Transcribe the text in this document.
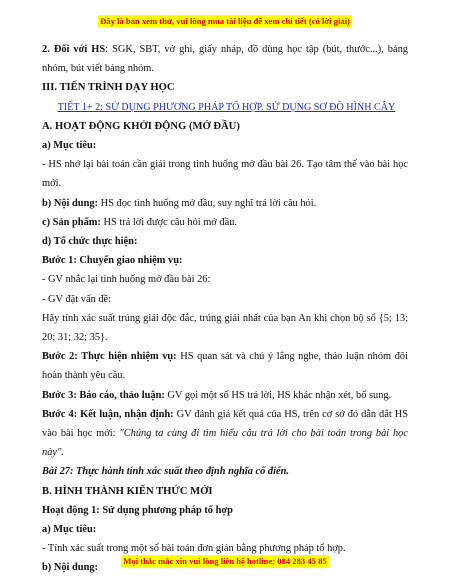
Đây là bản xem thử, vui lòng mua tài liệu để xem chi tiết (có lời giải)

2. Đối với HS: SGK, SBT, vở ghi, giấy nháp, đồ dùng học tập (bút, thước...), bảng nhóm, bút viết bảng nhóm.

III. TIẾN TRÌNH DẠY HỌC

TIẾT 1+ 2: SỬ DỤNG PHƯƠNG PHÁP TỔ HỢP. SỬ DỤNG SƠ ĐỒ HÌNH CÂY

A. HOẠT ĐỘNG KHỞI ĐỘNG (MỞ ĐẦU)

a) Mục tiêu:

- HS nhớ lại bài toán cần giải trong tình huống mở đầu bài 26. Tạo tâm thế vào bài học mới.

b) Nội dung: HS đọc tình huống mở đầu, suy nghĩ trả lời câu hỏi.

c) Sản phẩm: HS trả lời được câu hỏi mở đầu.

d) Tổ chức thực hiện:

Bước 1: Chuyển giao nhiệm vụ:

- GV nhắc lại tình huống mở đầu bài 26:

- GV đặt vấn đề:

Hãy tính xác suất trúng giải độc đắc, trúng giải nhất của bạn An khi chọn bộ số {5; 13; 20; 31; 32; 35}.

Bước 2: Thực hiện nhiệm vụ: HS quan sát và chú ý lắng nghe, thảo luận nhóm đôi hoàn thành yêu cầu.

Bước 3: Báo cáo, thảo luận: GV gọi một số HS trả lời, HS khác nhận xét, bổ sung.

Bước 4: Kết luận, nhận định: GV đánh giá kết quả của HS, trên cơ sở đó dẫn dắt HS vào bài học mới: "Chúng ta cùng đi tìm hiểu câu trả lời cho bài toán trong bài học này".

Bài 27: Thực hành tính xác suất theo định nghĩa cổ điển.

B. HÌNH THÀNH KIẾN THỨC MỚI

Hoạt động 1: Sử dụng phương pháp tổ hợp

a) Mục tiêu:

- Tính xác suất trong một số bài toán đơn giản bằng phương pháp tổ hợp.

b) Nội dung:

Mọi thắc mắc xin vui lòng liên hệ hotline: 084 283 45 85
